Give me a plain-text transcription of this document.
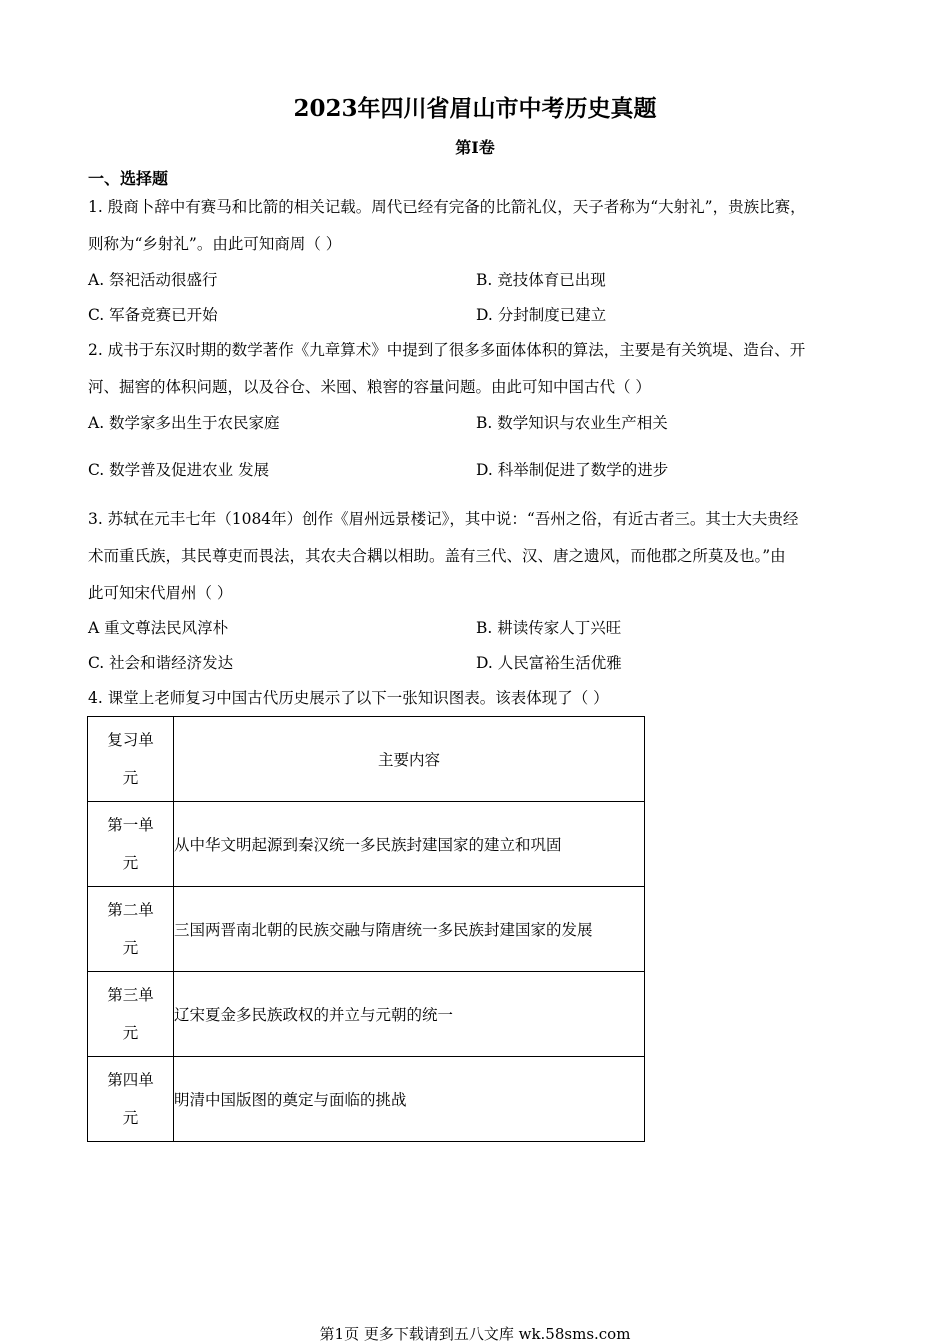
2023年四川省眉山市中考历史真题
第I卷
一、选择题
1. 殷商卜辞中有赛马和比箭的相关记载。周代已经有完备的比箭礼仪，天子者称为“大射礼”，贵族比赛，
则称为“乡射礼”。由此可知商周（ ）
A. 祭祀活动很盛行	B. 竞技体育已出现
C. 军备竞赛已开始	D. 分封制度已建立
2. 成书于东汉时期的数学著作《九章算术》中提到了很多多面体体积的算法，主要是有关筑堤、造台、开
河、掘窖的体积问题，以及谷仓、米囤、粮窖的容量问题。由此可知中国古代（ ）
A. 数学家多出生于农民家庭	B. 数学知识与农业生产相关
C. 数学普及促进农业 发展	D. 科举制促进了数学的进步
3. 苏轼在元丰七年（1084年）创作《眉州远景楼记》，其中说：“吾州之俗，有近古者三。其士大夫贵经
术而重氏族，其民尊吏而畏法，其农夫合耦以相助。盖有三代、汉、唐之遗风，而他郡之所莫及也。”由
此可知宋代眉州（ ）
A 重文尊法民风淳朴	B. 耕读传家人丁兴旺
C. 社会和谐经济发达	D. 人民富裕生活优雅
4. 课堂上老师复习中国古代历史展示了以下一张知识图表。该表体现了（ ）
复习单元	主要内容
第一单元	从中华文明起源到秦汉统一多民族封建国家的建立和巩固
第二单元	三国两晋南北朝的民族交融与隋唐统一多民族封建国家的发展
第三单元	辽宋夏金多民族政权的并立与元朝的统一
第四单元	明清中国版图的奠定与面临的挑战
第1页 更多下载请到五八文库 wk.58sms.com
